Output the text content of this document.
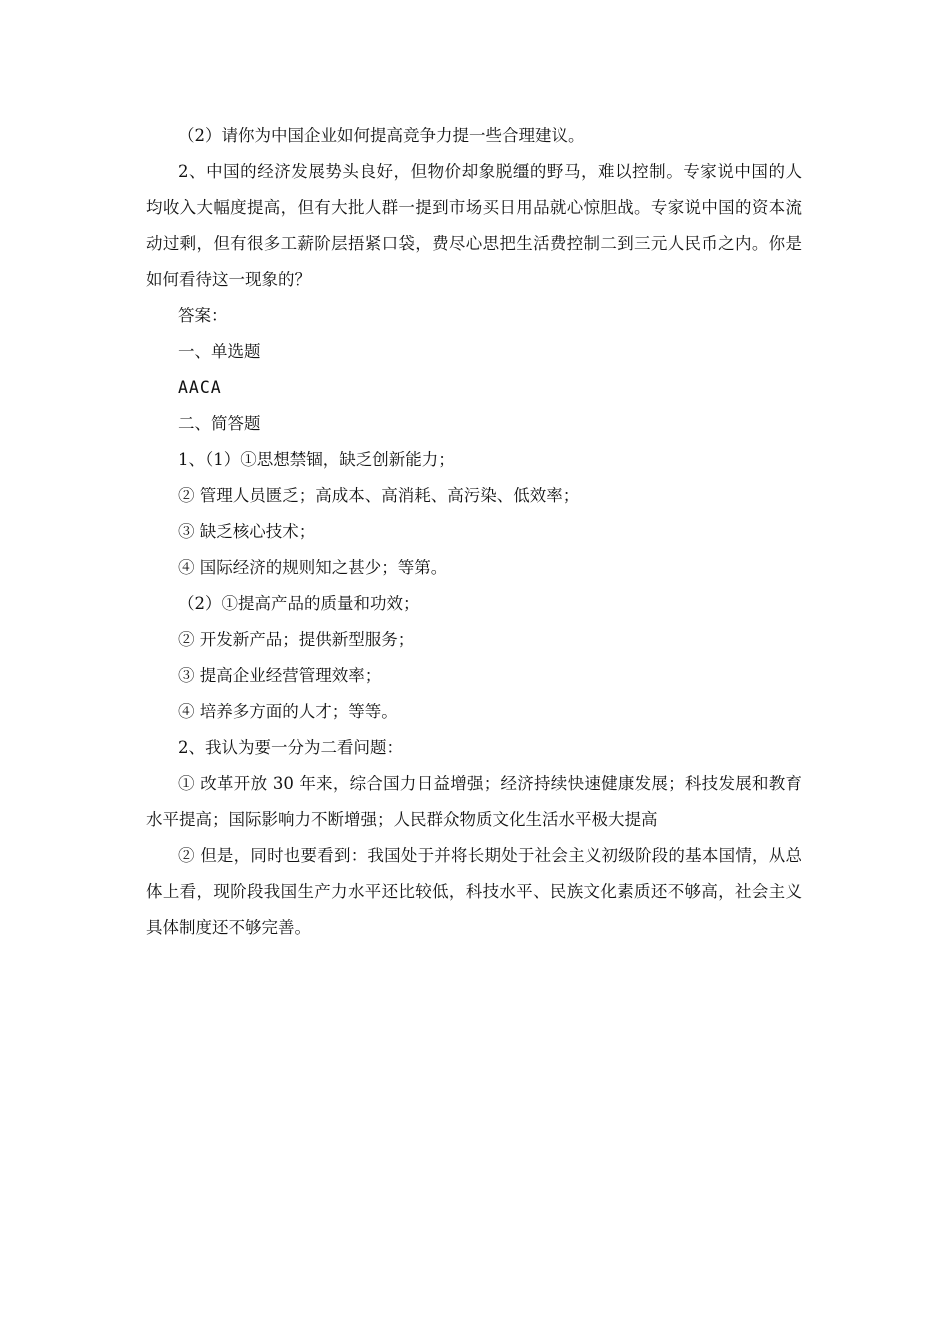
（2）请你为中国企业如何提高竞争力提一些合理建议。

2、中国的经济发展势头良好，但物价却象脱缰的野马，难以控制。专家说中国的人

均收入大幅度提高，但有大批人群一提到市场买日用品就心惊胆战。专家说中国的资本流

动过剩，但有很多工薪阶层捂紧口袋，费尽心思把生活费控制二到三元人民币之内。你是

如何看待这一现象的？

答案：

一、单选题

AACA

二、简答题

1、（1）①思想禁锢，缺乏创新能力；

② 管理人员匮乏；高成本、高消耗、高污染、低效率；

③ 缺乏核心技术；

④ 国际经济的规则知之甚少；等第。

（2）①提高产品的质量和功效；

② 开发新产品；提供新型服务；

③ 提高企业经营管理效率；

④ 培养多方面的人才；等等。

2、我认为要一分为二看问题：

① 改革开放 30 年来，综合国力日益增强；经济持续快速健康发展；科技发展和教育

水平提高；国际影响力不断增强；人民群众物质文化生活水平极大提高

② 但是，同时也要看到：我国处于并将长期处于社会主义初级阶段的基本国情，从总

体上看，现阶段我国生产力水平还比较低，科技水平、民族文化素质还不够高，社会主义

具体制度还不够完善。
